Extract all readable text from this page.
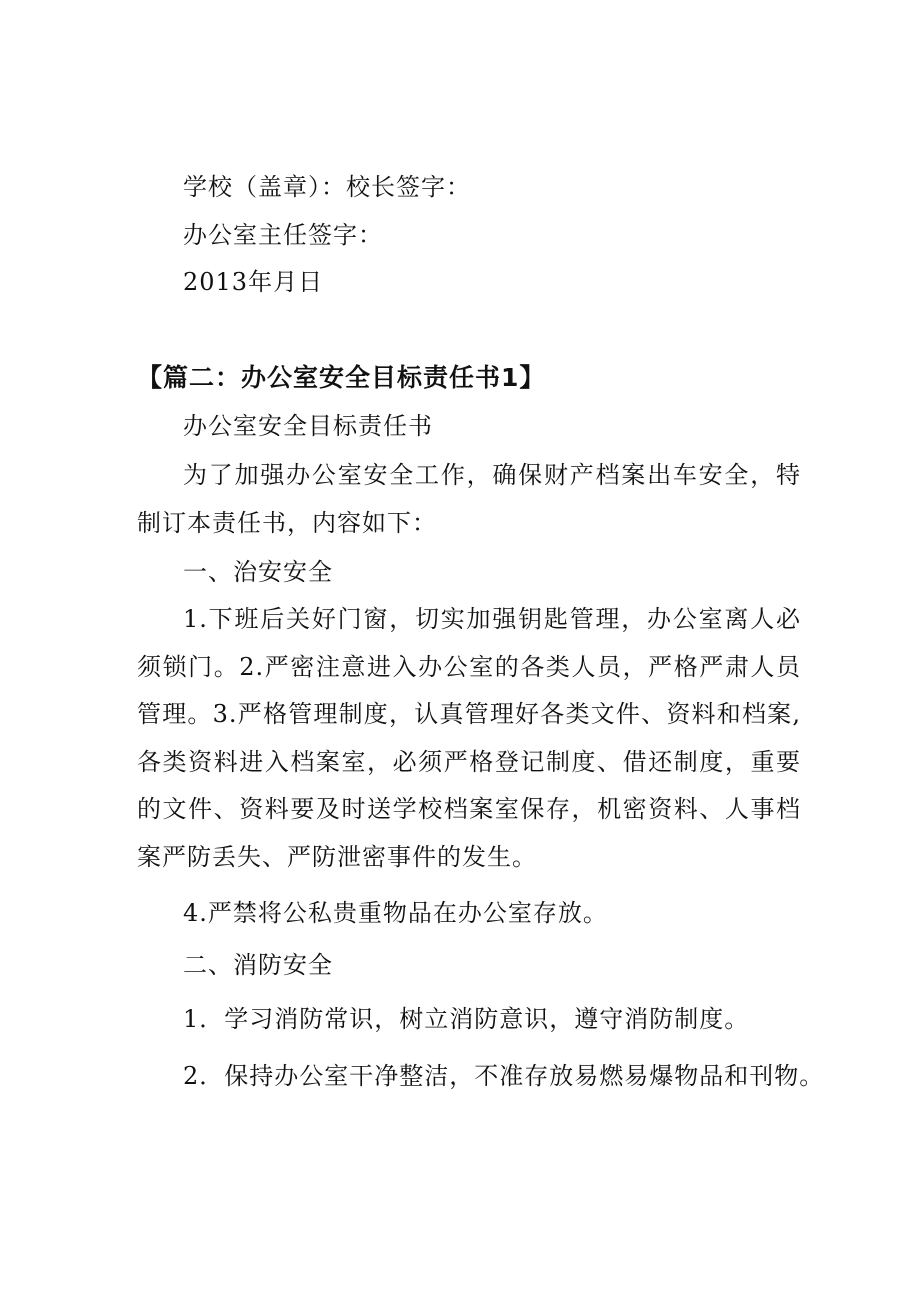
学校（盖章）：校长签字：
办公室主任签字：
2013年月日
【篇二：办公室安全目标责任书1】
办公室安全目标责任书
为了加强办公室安全工作，确保财产档案出车安全，特制订本责任书，内容如下：
一、治安安全
1.下班后关好门窗，切实加强钥匙管理，办公室离人必须锁门。2.严密注意进入办公室的各类人员，严格严肃人员管理。3.严格管理制度，认真管理好各类文件、资料和档案,各类资料进入档案室，必须严格登记制度、借还制度，重要的文件、资料要及时送学校档案室保存，机密资料、人事档案严防丢失、严防泄密事件的发生。
4.严禁将公私贵重物品在办公室存放。
二、消防安全
1．学习消防常识，树立消防意识，遵守消防制度。
2．保持办公室干净整洁，不准存放易燃易爆物品和刊物。
